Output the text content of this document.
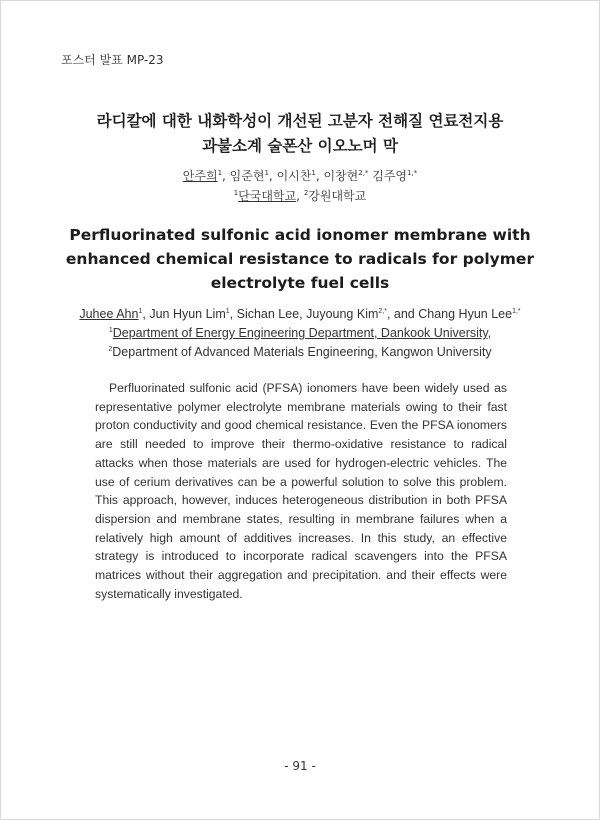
포스터 발표 MP-23
라디칼에 대한 내화학성이 개선된 고분자 전해질 연료전지용
과불소계 술폰산 이오노머 막
안주희$^1$, 임준현$^1$, 이시찬$^1$, 이창현$^{2,*}$ 김주영$^{1,*}$
$^1$단국대학교, $^2$강원대학교
Perfluorinated sulfonic acid ionomer membrane with
enhanced chemical resistance to radicals for polymer
electrolyte fuel cells
Juhee Ahn$^1$, Jun Hyun Lim$^1$, Sichan Lee, Juyoung Kim$^{2,*}$, and Chang Hyun Lee$^{1,*}$
$^1$Department of Energy Engineering Department, Dankook University,
$^2$Department of Advanced Materials Engineering, Kangwon University

Perfluorinated sulfonic acid (PFSA) ionomers have been widely used as representative polymer electrolyte membrane materials owing to their fast proton conductivity and good chemical resistance. Even the PFSA ionomers are still needed to improve their thermo-oxidative resistance to radical attacks when those materials are used for hydrogen-electric vehicles. The use of cerium derivatives can be a powerful solution to solve this problem. This approach, however, induces heterogeneous distribution in both PFSA dispersion and membrane states, resulting in membrane failures when a relatively high amount of additives increases. In this study, an effective strategy is introduced to incorporate radical scavengers into the PFSA matrices without their aggregation and precipitation. and their effects were systematically investigated.

- 91 -
